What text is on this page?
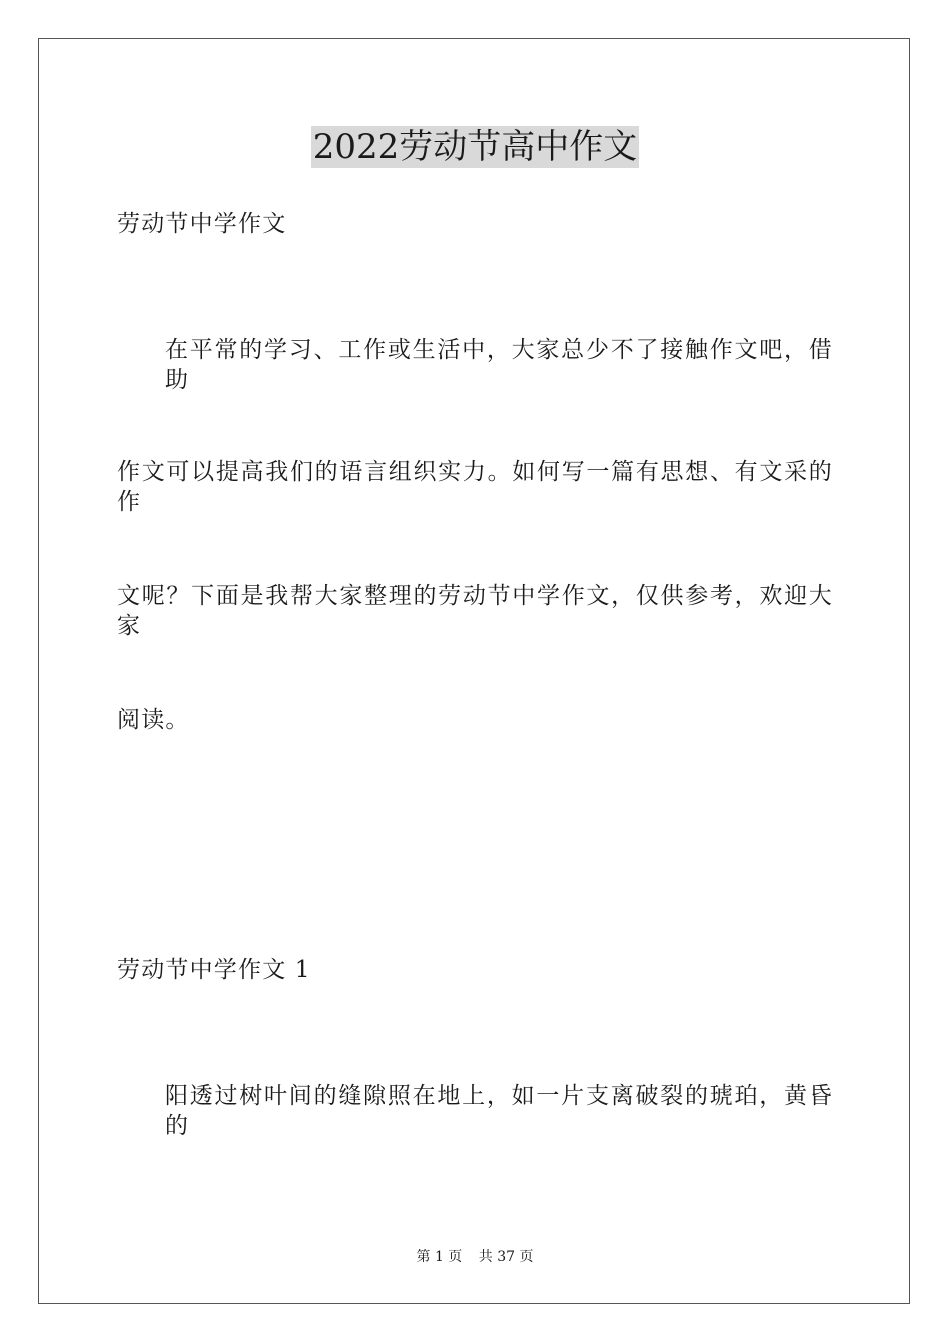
2022劳动节高中作文
劳动节中学作文
在平常的学习、工作或生活中，大家总少不了接触作文吧，借助
作文可以提高我们的语言组织实力。如何写一篇有思想、有文采的作
文呢？下面是我帮大家整理的劳动节中学作文，仅供参考，欢迎大家
阅读。
劳动节中学作文 1
阳透过树叶间的缝隙照在地上，如一片支离破裂的琥珀，黄昏的
第 1 页 共 37 页
